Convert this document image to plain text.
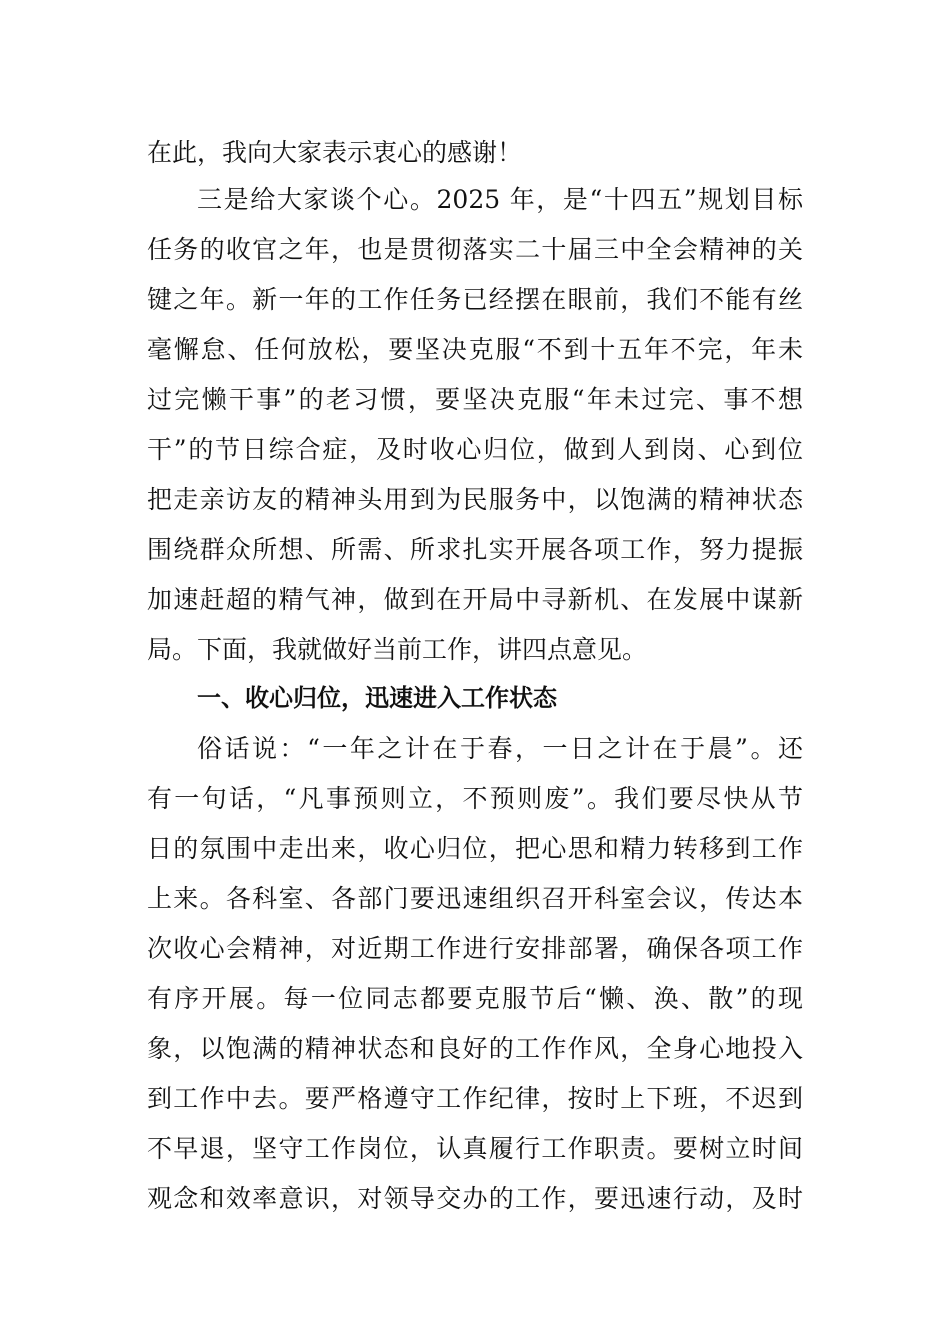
在此，我向大家表示衷心的感谢！
三是给大家谈个心。2025 年，是“十四五”规划目标
任务的收官之年，也是贯彻落实二十届三中全会精神的关
键之年。新一年的工作任务已经摆在眼前，我们不能有丝
毫懈怠、任何放松，要坚决克服“不到十五年不完，年未
过完懒干事”的老习惯，要坚决克服“年未过完、事不想
干”的节日综合症，及时收心归位，做到人到岗、心到位
把走亲访友的精神头用到为民服务中，以饱满的精神状态
围绕群众所想、所需、所求扎实开展各项工作，努力提振
加速赶超的精气神，做到在开局中寻新机、在发展中谋新
局。下面，我就做好当前工作，讲四点意见。
一、收心归位，迅速进入工作状态
俗话说：“一年之计在于春，一日之计在于晨”。还
有一句话，“凡事预则立，不预则废”。我们要尽快从节
日的氛围中走出来，收心归位，把心思和精力转移到工作
上来。各科室、各部门要迅速组织召开科室会议，传达本
次收心会精神，对近期工作进行安排部署，确保各项工作
有序开展。每一位同志都要克服节后“懒、涣、散”的现
象，以饱满的精神状态和良好的工作作风，全身心地投入
到工作中去。要严格遵守工作纪律，按时上下班，不迟到
不早退，坚守工作岗位，认真履行工作职责。要树立时间
观念和效率意识，对领导交办的工作，要迅速行动，及时
